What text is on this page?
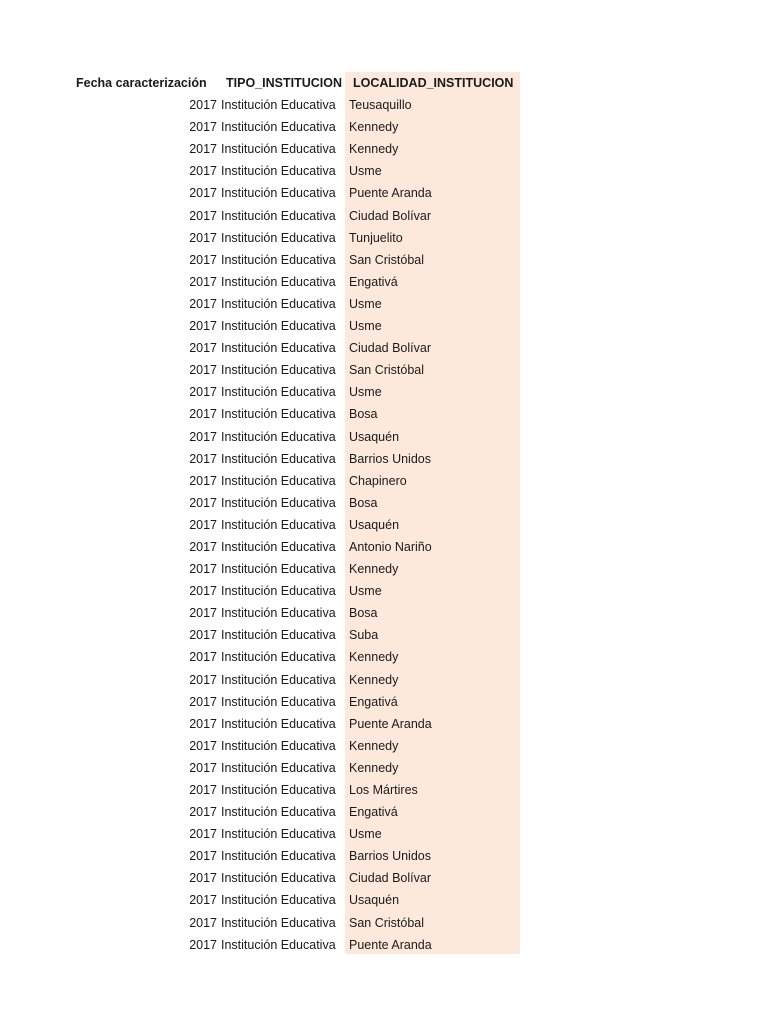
Fecha caracterización TIPO_INSTITUCION LOCALIDAD_INSTITUCION
2017 Institución Educativa	Teusaquillo
2017 Institución Educativa	Kennedy
2017 Institución Educativa	Kennedy
2017 Institución Educativa	Usme
2017 Institución Educativa	Puente Aranda
2017 Institución Educativa	Ciudad Bolívar
2017 Institución Educativa	Tunjuelito
2017 Institución Educativa	San Cristóbal
2017 Institución Educativa	Engativá
2017 Institución Educativa	Usme
2017 Institución Educativa	Usme
2017 Institución Educativa	Ciudad Bolívar
2017 Institución Educativa	San Cristóbal
2017 Institución Educativa	Usme
2017 Institución Educativa	Bosa
2017 Institución Educativa	Usaquén
2017 Institución Educativa	Barrios Unidos
2017 Institución Educativa	Chapinero
2017 Institución Educativa	Bosa
2017 Institución Educativa	Usaquén
2017 Institución Educativa	Antonio Nariño
2017 Institución Educativa	Kennedy
2017 Institución Educativa	Usme
2017 Institución Educativa	Bosa
2017 Institución Educativa	Suba
2017 Institución Educativa	Kennedy
2017 Institución Educativa	Kennedy
2017 Institución Educativa	Engativá
2017 Institución Educativa	Puente Aranda
2017 Institución Educativa	Kennedy
2017 Institución Educativa	Kennedy
2017 Institución Educativa	Los Mártires
2017 Institución Educativa	Engativá
2017 Institución Educativa	Usme
2017 Institución Educativa	Barrios Unidos
2017 Institución Educativa	Ciudad Bolívar
2017 Institución Educativa	Usaquén
2017 Institución Educativa	San Cristóbal
2017 Institución Educativa	Puente Aranda
